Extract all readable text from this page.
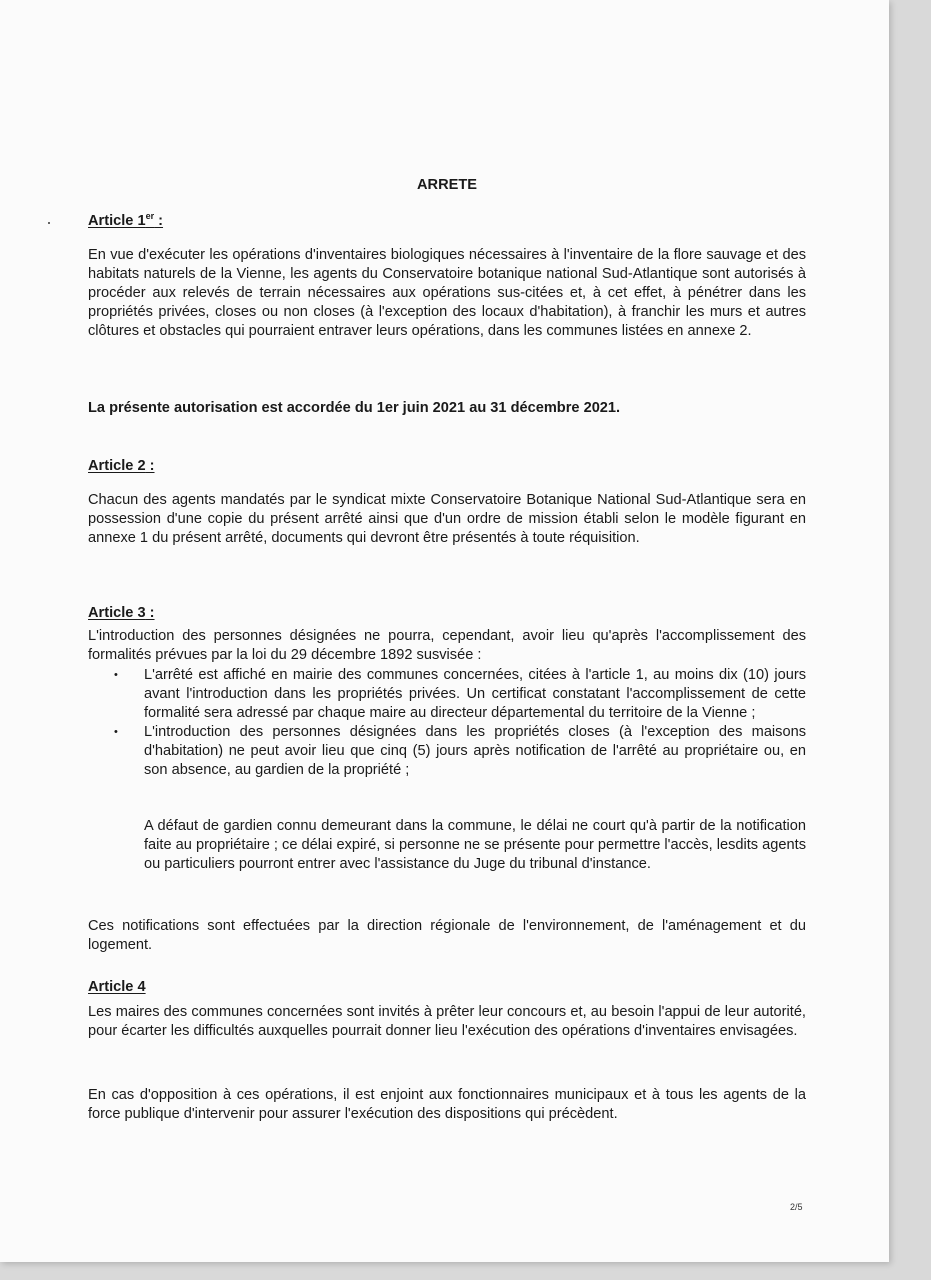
ARRETE
Article 1er :
En vue d'exécuter les opérations d'inventaires biologiques nécessaires à l'inventaire de la flore sauvage et des habitats naturels de la Vienne, les agents du Conservatoire botanique national Sud-Atlantique sont autorisés à procéder aux relevés de terrain nécessaires aux opérations sus-citées et, à cet effet, à pénétrer dans les propriétés privées, closes ou non closes (à l'exception des locaux d'habitation), à franchir les murs et autres clôtures et obstacles qui pourraient entraver leurs opérations, dans les communes listées en annexe 2.
La présente autorisation est accordée du 1er juin 2021 au 31 décembre 2021.
Article 2 :
Chacun des agents mandatés par le syndicat mixte Conservatoire Botanique National Sud-Atlantique sera en possession d'une copie du présent arrêté ainsi que d'un ordre de mission établi selon le modèle figurant en annexe 1 du présent arrêté, documents qui devront être présentés à toute réquisition.
Article 3 :
L'introduction des personnes désignées ne pourra, cependant, avoir lieu qu'après l'accomplissement des formalités prévues par la loi du 29 décembre 1892 susvisée :
• L'arrêté est affiché en mairie des communes concernées, citées à l'article 1, au moins dix (10) jours avant l'introduction dans les propriétés privées. Un certificat constatant l'accomplissement de cette formalité sera adressé par chaque maire au directeur départemental du territoire de la Vienne ;
• L'introduction des personnes désignées dans les propriétés closes (à l'exception des maisons d'habitation) ne peut avoir lieu que cinq (5) jours après notification de l'arrêté au propriétaire ou, en son absence, au gardien de la propriété ;
A défaut de gardien connu demeurant dans la commune, le délai ne court qu'à partir de la notification faite au propriétaire ; ce délai expiré, si personne ne se présente pour permettre l'accès, lesdits agents ou particuliers pourront entrer avec l'assistance du Juge du tribunal d'instance.
Ces notifications sont effectuées par la direction régionale de l'environnement, de l'aménagement et du logement.
Article 4
Les maires des communes concernées sont invités à prêter leur concours et, au besoin l'appui de leur autorité, pour écarter les difficultés auxquelles pourrait donner lieu l'exécution des opérations d'inventaires envisagées.
En cas d'opposition à ces opérations, il est enjoint aux fonctionnaires municipaux et à tous les agents de la force publique d'intervenir pour assurer l'exécution des dispositions qui précèdent.
2/5
